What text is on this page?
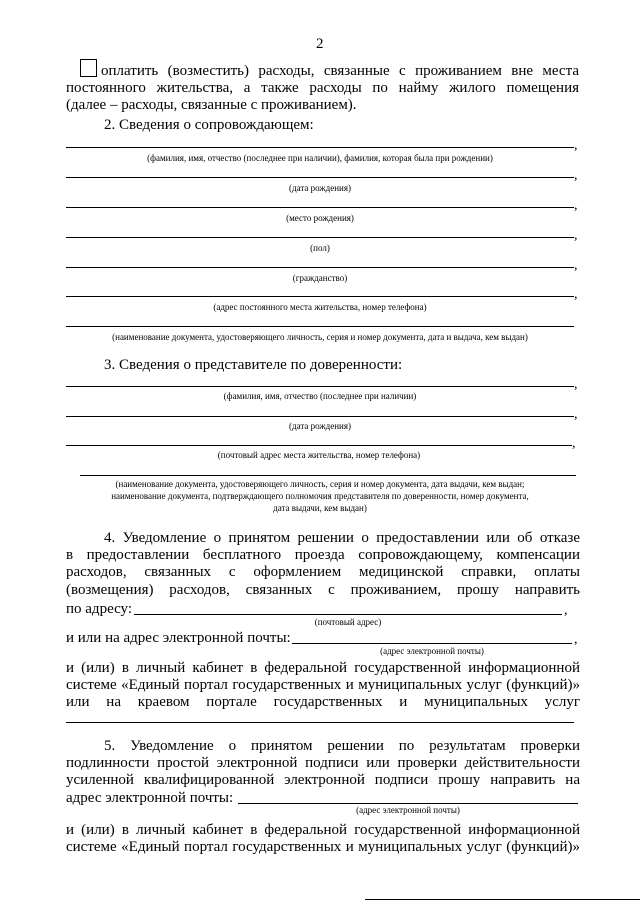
2
оплатить (возместить) расходы, связанные с проживанием вне места
постоянного жительства, а также расходы по найму жилого помещения
(далее – расходы, связанные с проживанием).
2. Сведения о сопровождающем:
,
(фамилия, имя, отчество (последнее при наличии), фамилия, которая была при рождении)
,
(дата рождения)
,
(место рождения)
,
(пол)
,
(гражданство)
,
(адрес постоянного места жительства, номер телефона)
(наименование документа, удостоверяющего личность, серия и номер документа, дата и выдача, кем выдан)
3. Сведения о представителе по доверенности:
,
(фамилия, имя, отчество (последнее при наличии)
,
(дата рождения)
,
(почтовый адрес места жительства, номер телефона)
(наименование документа, удостоверяющего личность, серия и номер документа, дата выдачи, кем выдан;
наименование документа, подтверждающего полномочия представителя по доверенности, номер документа,
дата выдачи, кем выдан)
4. Уведомление о принятом решении о предоставлении или об отказе
в предоставлении бесплатного проезда сопровождающему, компенсации
расходов, связанных с оформлением медицинской справки, оплаты
(возмещения) расходов, связанных с проживанием, прошу направить
по адресу:	,
(почтовый адрес)
и или на адрес электронной почты:	,
(адрес электронной почты)
и (или) в личный кабинет в федеральной государственной информационной
системе «Единый портал государственных и муниципальных услуг (функций)»
или на краевом портале государственных и муниципальных услуг
5. Уведомление о принятом решении по результатам проверки
подлинности простой электронной подписи или проверки действительности
усиленной квалифицированной электронной подписи прошу направить на
адрес электронной почты:
(адрес электронной почты)
и (или) в личный кабинет в федеральной государственной информационной
системе «Единый портал государственных и муниципальных услуг (функций)»
